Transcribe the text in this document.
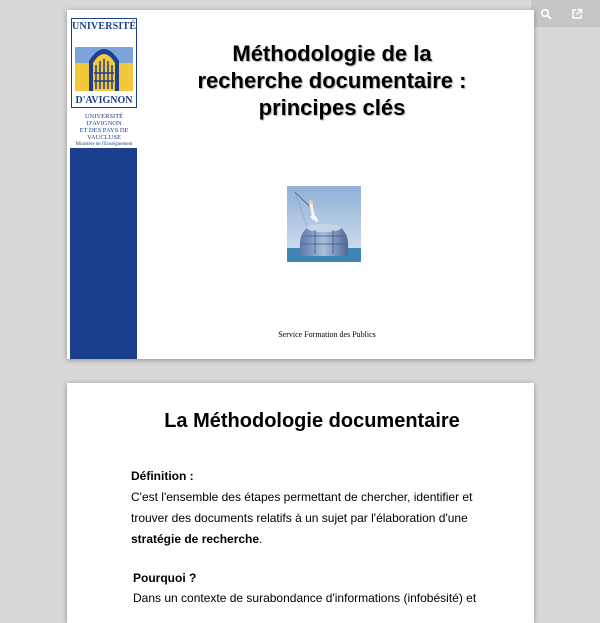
UNIVERSITÉ
D'AVIGNON
UNIVERSITÉ D'AVIGNON
ET DES PAYS DE VAUCLUSE
Ministère de l'Enseignement
Méthodologie de la
recherche documentaire :
principes clés
Service Formation des Publics
La Méthodologie documentaire
Définition :
C'est l'ensemble des étapes permettant de chercher, identifier et trouver des documents relatifs à un sujet par l'élaboration d'une stratégie de recherche.
Pourquoi ?
Dans un contexte de surabondance d'informations (infobésité) et
